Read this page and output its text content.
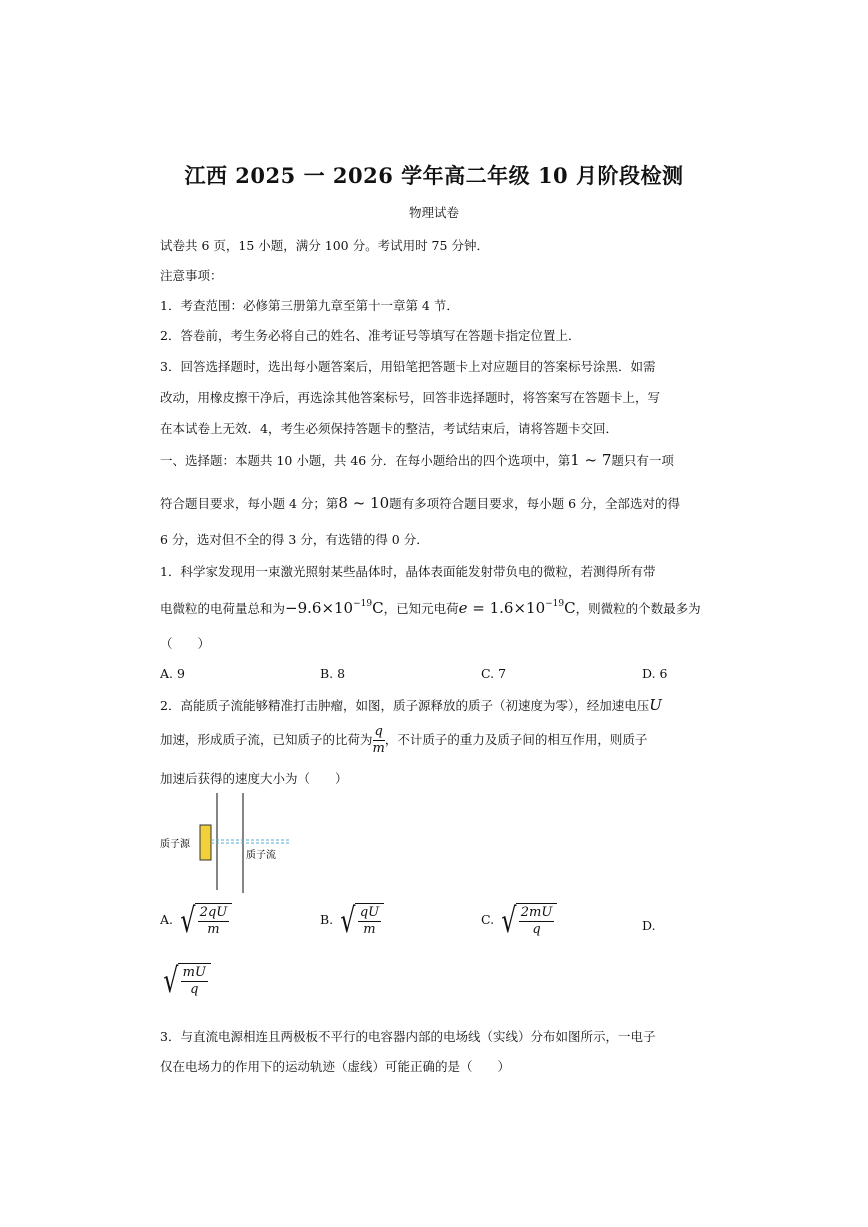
江西 2025 一 2026 学年高二年级 10 月阶段检测
物理试卷
试卷共 6 页，15 小题，满分 100 分。考试用时 75 分钟．
注意事项：
1．考查范围：必修第三册第九章至第十一章第 4 节．
2．答卷前，考生务必将自己的姓名、准考证号等填写在答题卡指定位置上．
3．回答选择题时，选出每小题答案后，用铅笔把答题卡上对应题目的答案标号涂黑．如需
改动，用橡皮擦干净后，再选涂其他答案标号，回答非选择题时，将答案写在答题卡上，写
在本试卷上无效．4，考生必须保持答题卡的整洁，考试结束后，请将答题卡交回．
一、选择题：本题共 10 小题，共 46 分．在每小题给出的四个选项中，第1 ~ 7题只有一项
符合题目要求，每小题 4 分；第8 ~ 10题有多项符合题目要求，每小题 6 分，全部选对的得
6 分，选对但不全的得 3 分，有选错的得 0 分．
1．科学家发现用一束激光照射某些晶体时，晶体表面能发射带负电的微粒，若测得所有带
电微粒的电荷量总和为$-9.6\times 10^{-19}C$，已知元电荷$e = 1.6\times 10^{-19}C$，则微粒的个数最多为
（　　）
A. 9	B. 8	C. 7	D. 6
2．高能质子流能够精准打击肿瘤，如图，质子源释放的质子（初速度为零），经加速电压U
加速，形成质子流，已知质子的比荷为 $\frac{q}{m}$ ，不计质子的重力及质子间的相互作用，则质子
加速后获得的速度大小为（　　）
质子源
质子流
A. √ $\frac{2qU}{m}$	B. √ $\frac{qU}{m}$	C. √ $\frac{2mU}{q}$	D.
√ $\frac{mU}{q}$
3．与直流电源相连且两极板不平行的电容器内部的电场线（实线）分布如图所示，一电子
仅在电场力的作用下的运动轨迹（虚线）可能正确的是（　　）
